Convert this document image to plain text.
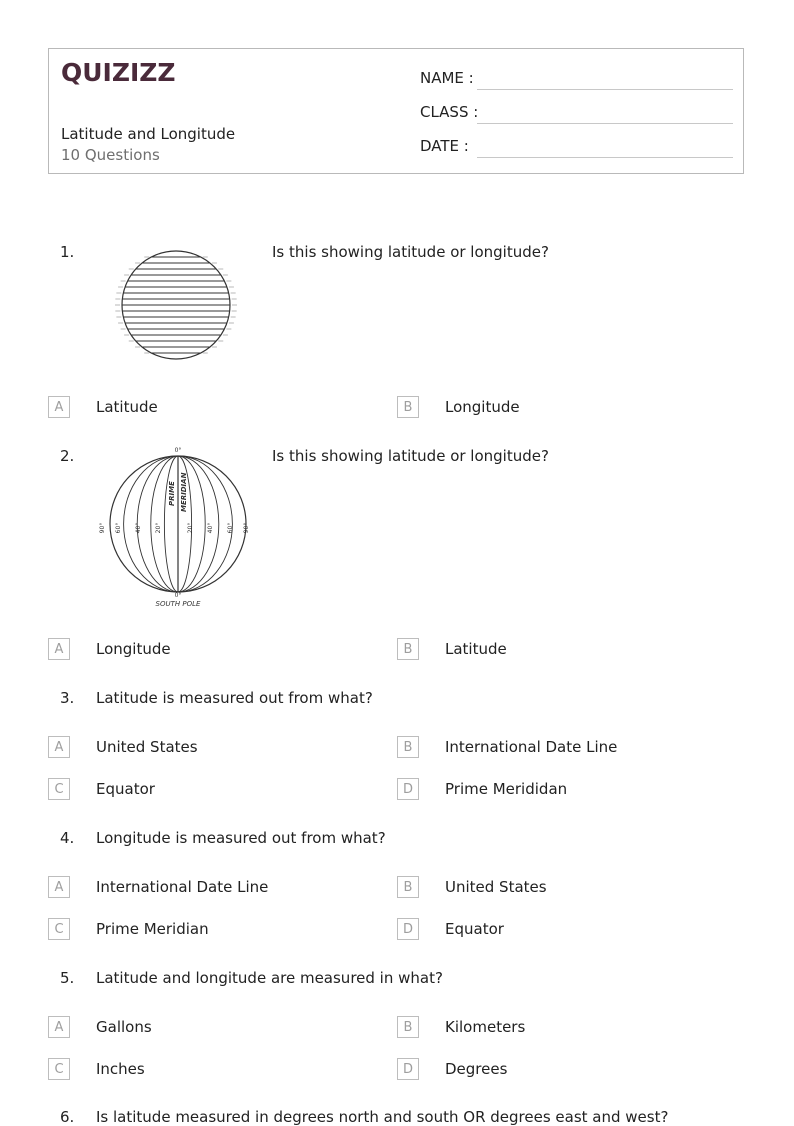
QUIZIZZ
Latitude and Longitude
10 Questions
NAME :
CLASS :
DATE :
1.	Is this showing latitude or longitude?
A	Latitude	B	Longitude
2.	Is this showing latitude or longitude?
0°
0°
SOUTH POLE
PRIME MERIDIAN
90° 60° 40° 20°	20° 40° 60° 90°
A	Longitude	B	Latitude
3. Latitude is measured out from what?
A	United States	B	International Date Line
C	Equator	D	Prime Merididan
4. Longitude is measured out from what?
A	International Date Line	B	United States
C	Prime Meridian	D	Equator
5. Latitude and longitude are measured in what?
A	Gallons	B	Kilometers
C	Inches	D	Degrees
6. Is latitude measured in degrees north and south OR degrees east and west?
